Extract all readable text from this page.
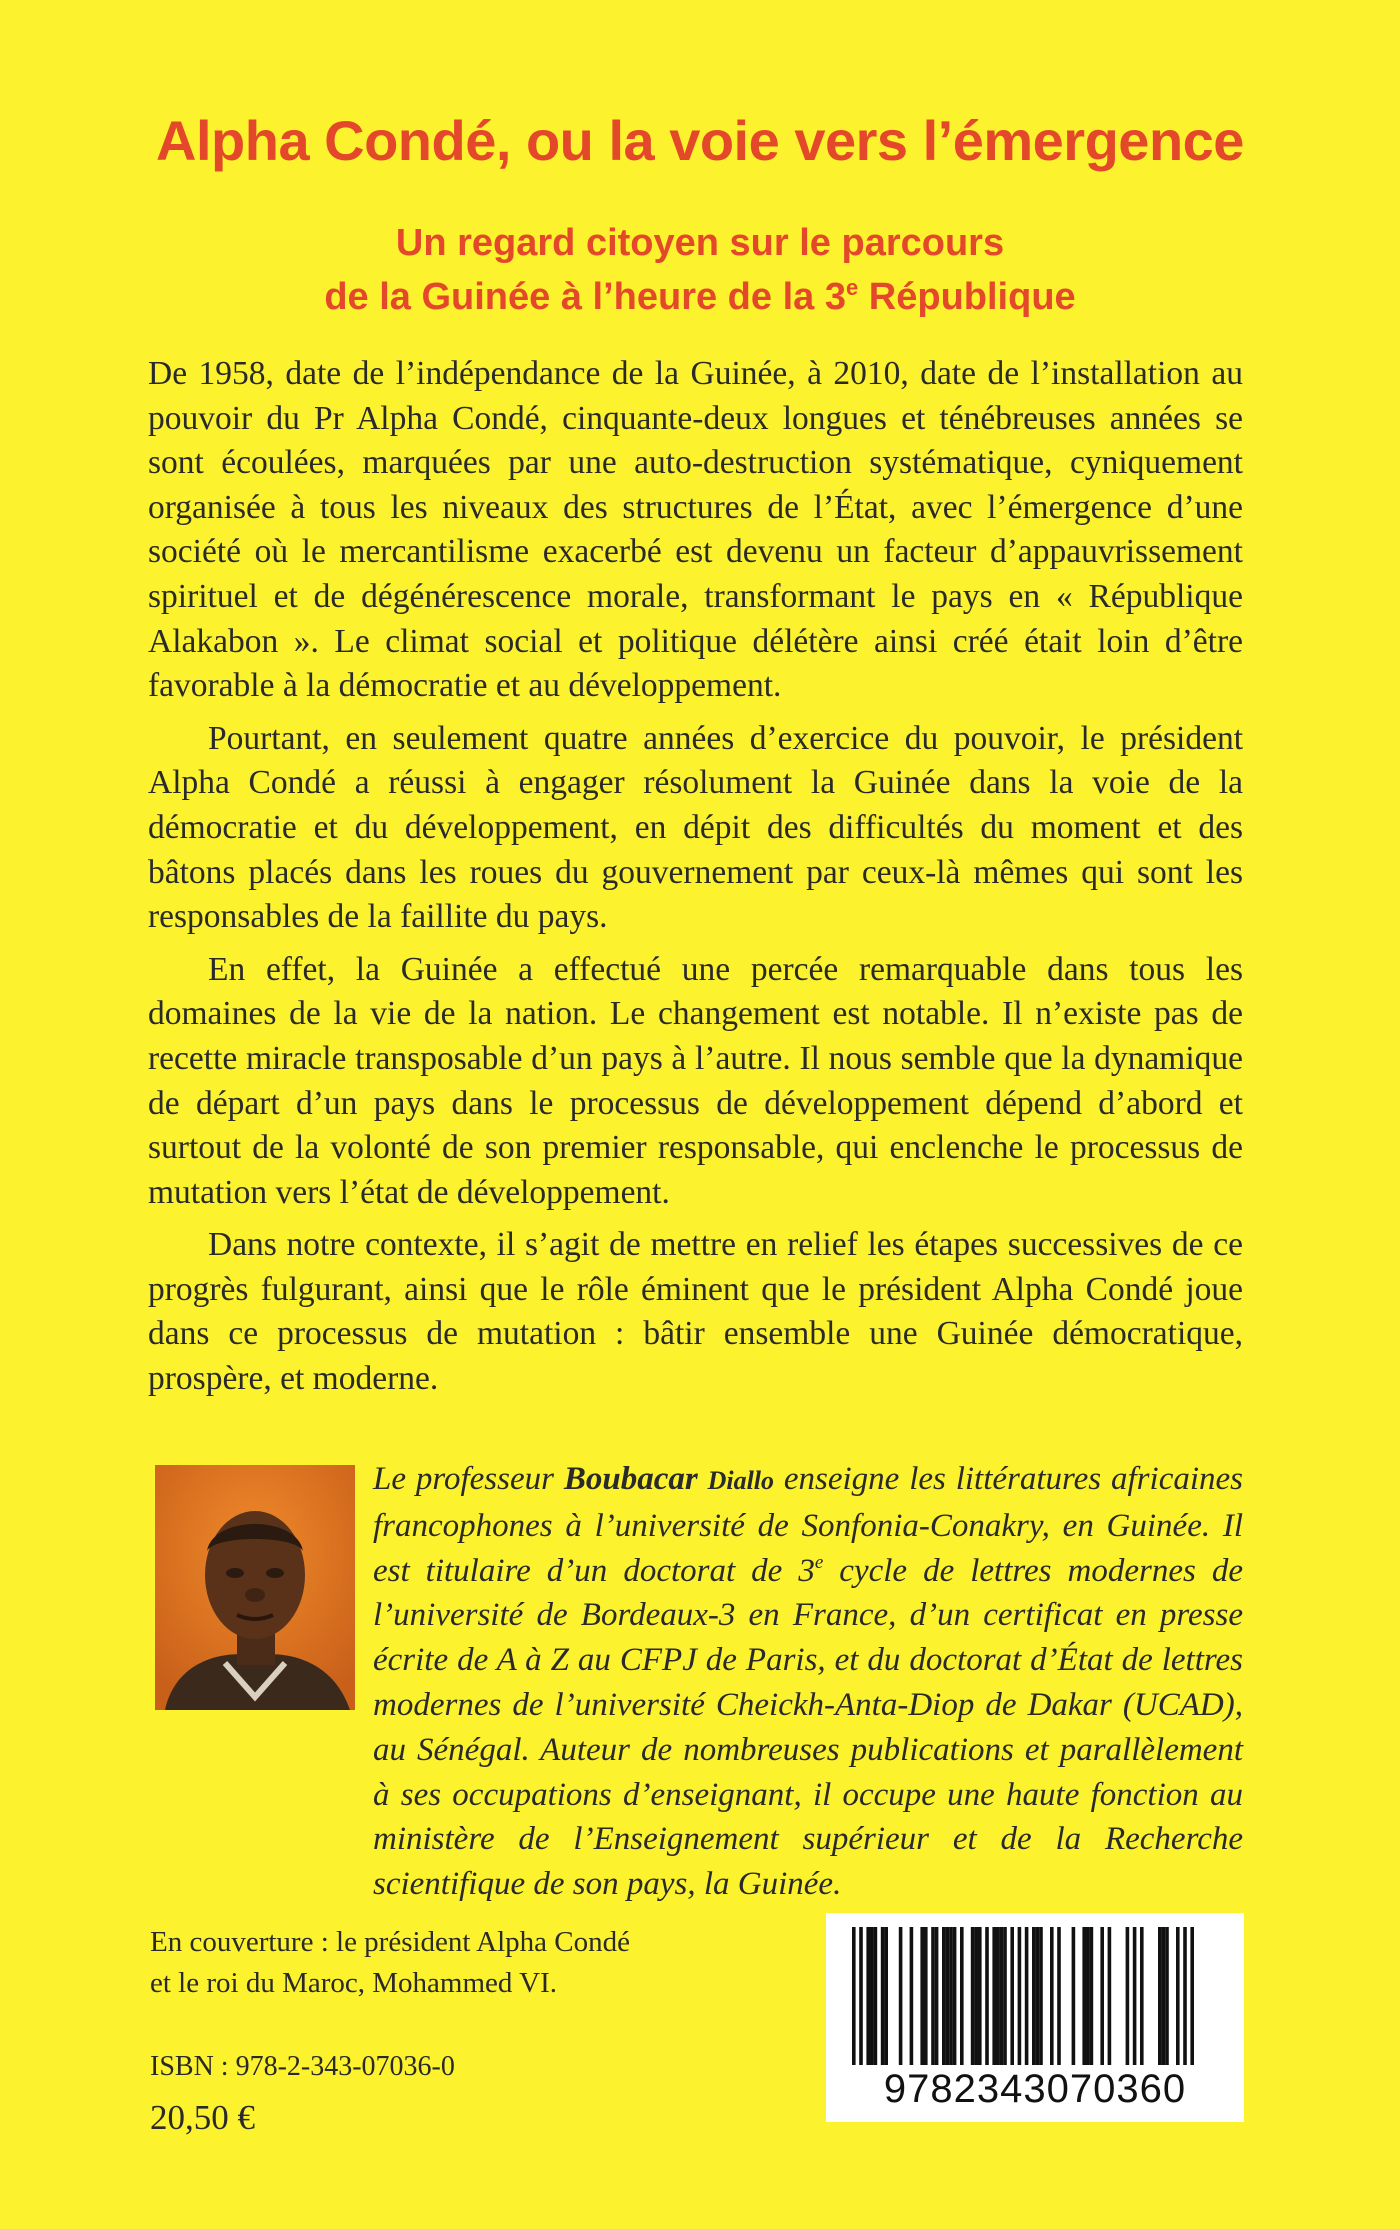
Alpha Condé, ou la voie vers l’émergence
Un regard citoyen sur le parcours
de la Guinée à l’heure de la 3e République

De 1958, date de l’indépendance de la Guinée, à 2010, date de l’installation au pouvoir du Pr Alpha Condé, cinquante-deux longues et ténébreuses années se sont écoulées, marquées par une auto-destruction systématique, cyniquement organisée à tous les niveaux des structures de l’État, avec l’émergence d’une société où le mercantilisme exacerbé est devenu un facteur d’appauvrissement spirituel et de dégénérescence morale, transformant le pays en « République Alakabon ». Le climat social et politique délétère ainsi créé était loin d’être favorable à la démocratie et au développement.

Pourtant, en seulement quatre années d’exercice du pouvoir, le président Alpha Condé a réussi à engager résolument la Guinée dans la voie de la démocratie et du développement, en dépit des difficultés du moment et des bâtons placés dans les roues du gouvernement par ceux-là mêmes qui sont les responsables de la faillite du pays.

En effet, la Guinée a effectué une percée remarquable dans tous les domaines de la vie de la nation. Le changement est notable. Il n’existe pas de recette miracle transposable d’un pays à l’autre. Il nous semble que la dynamique de départ d’un pays dans le processus de développement dépend d’abord et surtout de la volonté de son premier responsable, qui enclenche le processus de mutation vers l’état de développement.

Dans notre contexte, il s’agit de mettre en relief les étapes successives de ce progrès fulgurant, ainsi que le rôle éminent que le président Alpha Condé joue dans ce processus de mutation : bâtir ensemble une Guinée démocratique, prospère, et moderne.

Le professeur Boubacar Diallo enseigne les littératures africaines francophones à l’université de Sonfonia-Conakry, en Guinée. Il est titulaire d’un doctorat de 3e cycle de lettres modernes de l’université de Bordeaux-3 en France, d’un certificat en presse écrite de A à Z au CFPJ de Paris, et du doctorat d’État de lettres modernes de l’université Cheickh-Anta-Diop de Dakar (UCAD), au Sénégal. Auteur de nombreuses publications et parallèlement à ses occupations d’enseignant, il occupe une haute fonction au ministère de l’Enseignement supérieur et de la Recherche scientifique de son pays, la Guinée.
En couverture : le président Alpha Condé
et le roi du Maroc, Mohammed VI.
ISBN : 978-2-343-07036-0
20,50 €
9782343070360
